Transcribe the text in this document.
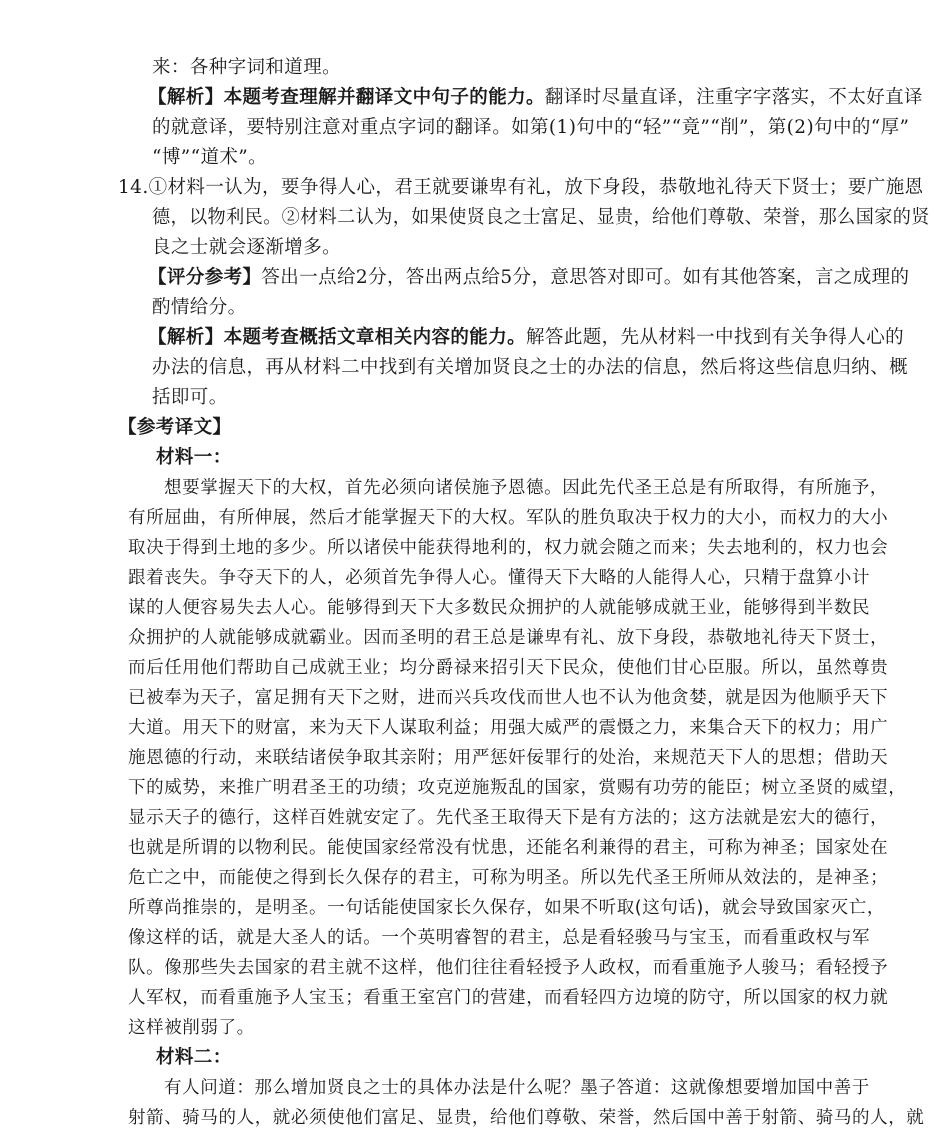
来：各种字词和道理。
【解析】本题考查理解并翻译文中句子的能力。翻译时尽量直译，注重字字落实，不太好直译
的就意译，要特别注意对重点字词的翻译。如第(1)句中的“轻”“竟”“削”，第(2)句中的“厚”
“博”“道术”。
14.①材料一认为，要争得人心，君王就要谦卑有礼，放下身段，恭敬地礼待天下贤士；要广施恩
德，以物利民。②材料二认为，如果使贤良之士富足、显贵，给他们尊敬、荣誉，那么国家的贤
良之士就会逐渐增多。
【评分参考】答出一点给2分，答出两点给5分，意思答对即可。如有其他答案，言之成理的
酌情给分。
【解析】本题考查概括文章相关内容的能力。解答此题，先从材料一中找到有关争得人心的
办法的信息，再从材料二中找到有关增加贤良之士的办法的信息，然后将这些信息归纳、概
括即可。
【参考译文】
材料一：
想要掌握天下的大权，首先必须向诸侯施予恩德。因此先代圣王总是有所取得，有所施予，
有所屈曲，有所伸展，然后才能掌握天下的大权。军队的胜负取决于权力的大小，而权力的大小
取决于得到土地的多少。所以诸侯中能获得地利的，权力就会随之而来；失去地利的，权力也会
跟着丧失。争夺天下的人，必须首先争得人心。懂得天下大略的人能得人心，只精于盘算小计
谋的人便容易失去人心。能够得到天下大多数民众拥护的人就能够成就王业，能够得到半数民
众拥护的人就能够成就霸业。因而圣明的君王总是谦卑有礼、放下身段，恭敬地礼待天下贤士，
而后任用他们帮助自己成就王业；均分爵禄来招引天下民众，使他们甘心臣服。所以，虽然尊贵
已被奉为天子，富足拥有天下之财，进而兴兵攻伐而世人也不认为他贪婪，就是因为他顺乎天下
大道。用天下的财富，来为天下人谋取利益；用强大威严的震慑之力，来集合天下的权力；用广
施恩德的行动，来联结诸侯争取其亲附；用严惩奸佞罪行的处治，来规范天下人的思想；借助天
下的威势，来推广明君圣王的功绩；攻克逆施叛乱的国家，赏赐有功劳的能臣；树立圣贤的威望，
显示天子的德行，这样百姓就安定了。先代圣王取得天下是有方法的；这方法就是宏大的德行，
也就是所谓的以物利民。能使国家经常没有忧患，还能名利兼得的君主，可称为神圣；国家处在
危亡之中，而能使之得到长久保存的君主，可称为明圣。所以先代圣王所师从效法的，是神圣；
所尊尚推崇的，是明圣。一句话能使国家长久保存，如果不听取(这句话)，就会导致国家灭亡，
像这样的话，就是大圣人的话。一个英明睿智的君主，总是看轻骏马与宝玉，而看重政权与军
队。像那些失去国家的君主就不这样，他们往往看轻授予人政权，而看重施予人骏马；看轻授予
人军权，而看重施予人宝玉；看重王室宫门的营建，而看轻四方边境的防守，所以国家的权力就
这样被削弱了。
材料二：
有人问道：那么增加贤良之士的具体办法是什么呢？墨子答道：这就像想要增加国中善于
射箭、骑马的人，就必须使他们富足、显贵，给他们尊敬、荣誉，然后国中善于射箭、骑马的人，就
